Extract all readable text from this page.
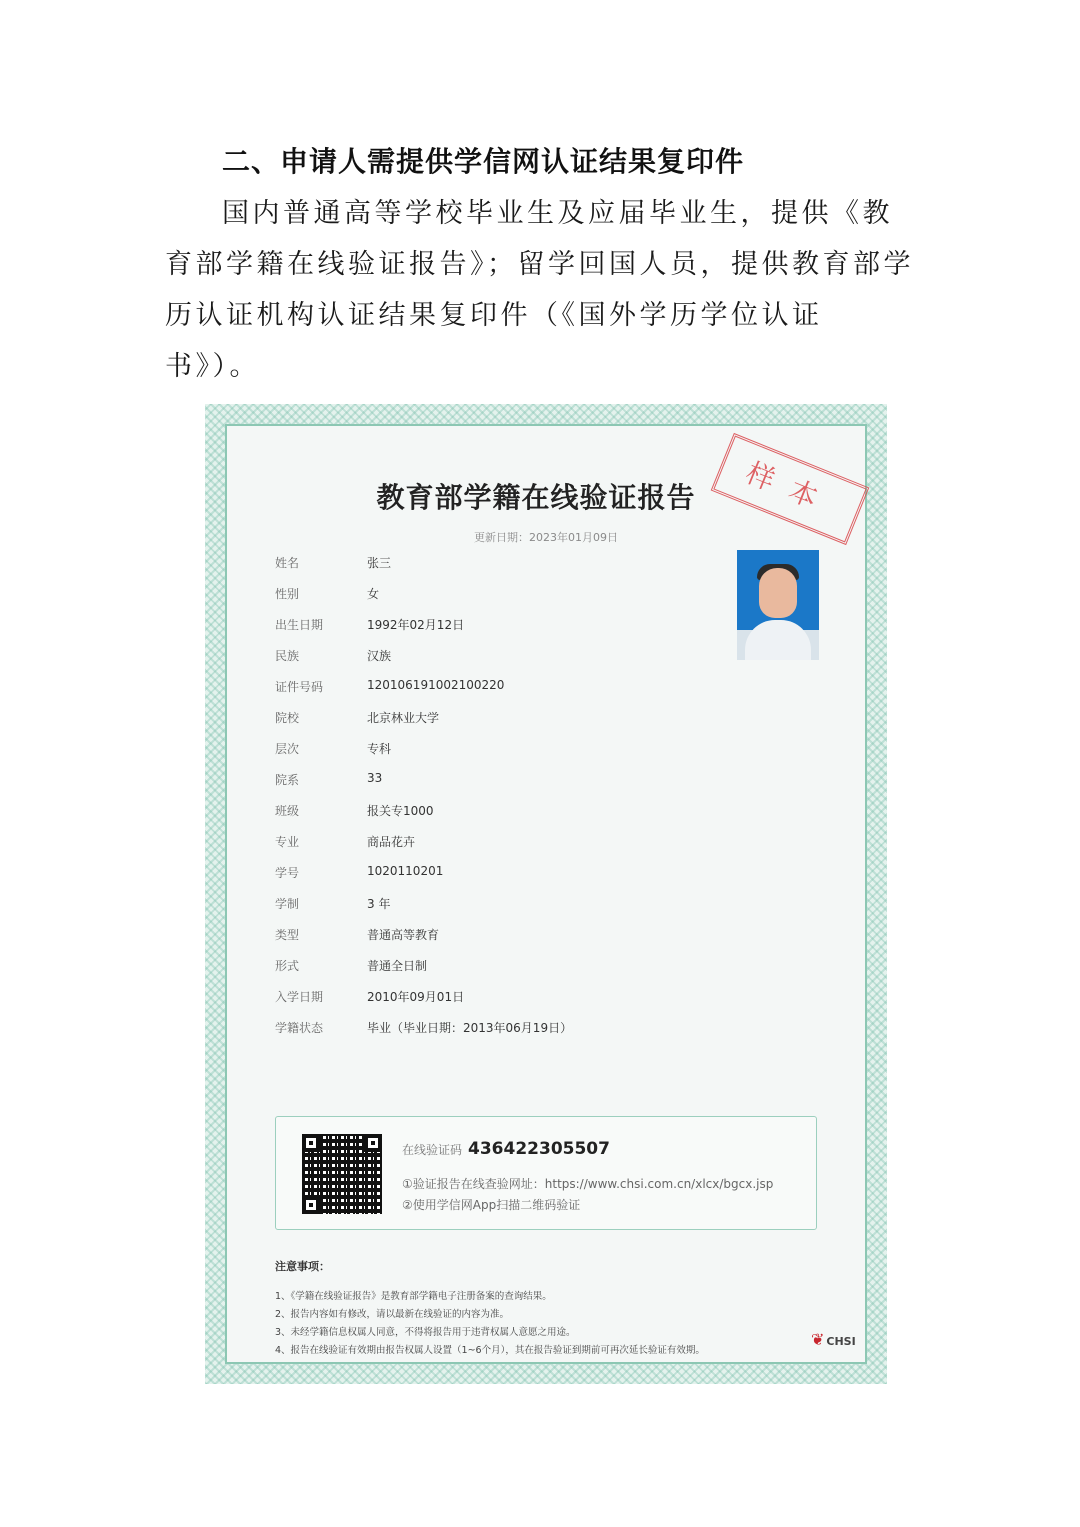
二、申请人需提供学信网认证结果复印件
国内普通高等学校毕业生及应届毕业生，提供《教育部学籍在线验证报告》；留学回国人员，提供教育部学历认证机构认证结果复印件（《国外学历学位认证书》）。
教育部学籍在线验证报告	样本
更新日期：2023年01月09日
姓名	张三
性别	女
出生日期	1992年02月12日
民族	汉族
证件号码	120106191002100220
院校	北京林业大学
层次	专科
院系	33
班级	报关专1000
专业	商品花卉
学号	1020110201
学制	3 年
类型	普通高等教育
形式	普通全日制
入学日期	2010年09月01日
学籍状态	毕业（毕业日期：2013年06月19日）
在线验证码 436422305507
①验证报告在线查验网址：https://www.chsi.com.cn/xlcx/bgcx.jsp
②使用学信网App扫描二维码验证
注意事项：
1、《学籍在线验证报告》是教育部学籍电子注册备案的查询结果。
2、报告内容如有修改，请以最新在线验证的内容为准。
3、未经学籍信息权属人同意，不得将报告用于违背权属人意愿之用途。
4、报告在线验证有效期由报告权属人设置（1~6个月），其在报告验证到期前可再次延长验证有效期。
❦ CHSI
